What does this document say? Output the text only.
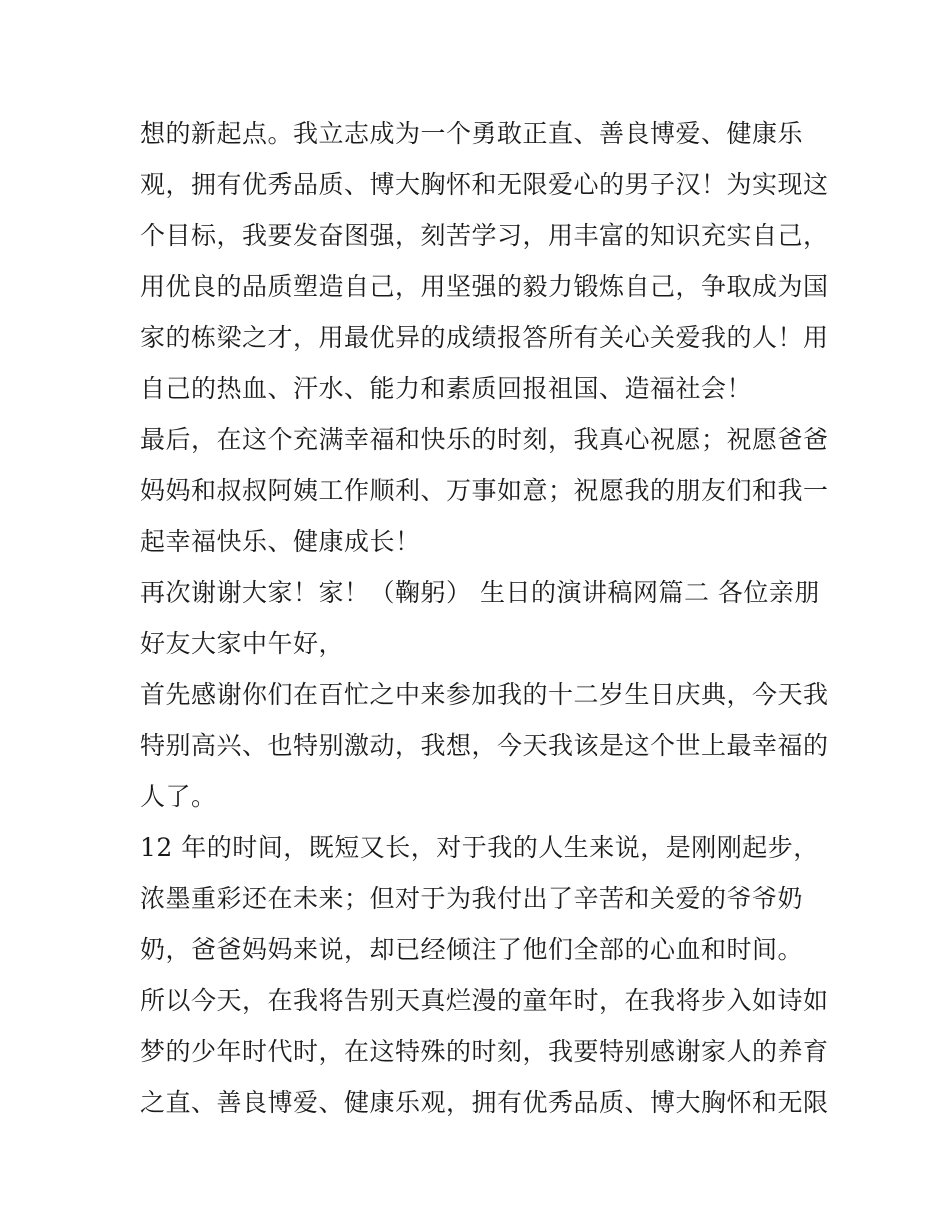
想的新起点。我立志成为一个勇敢正直、善良博爱、健康乐
观，拥有优秀品质、博大胸怀和无限爱心的男子汉！为实现这
个目标，我要发奋图强，刻苦学习，用丰富的知识充实自己，
用优良的品质塑造自己，用坚强的毅力锻炼自己，争取成为国
家的栋梁之才，用最优异的成绩报答所有关心关爱我的人！用
自己的热血、汗水、能力和素质回报祖国、造福社会！
最后，在这个充满幸福和快乐的时刻，我真心祝愿；祝愿爸爸
妈妈和叔叔阿姨工作顺利、万事如意；祝愿我的朋友们和我一
起幸福快乐、健康成长！
再次谢谢大家！家！（鞠躬） 生日的演讲稿网篇二 各位亲朋
好友大家中午好，
首先感谢你们在百忙之中来参加我的十二岁生日庆典，今天我
特别高兴、也特别激动，我想，今天我该是这个世上最幸福的
人了。
12 年的时间，既短又长，对于我的人生来说，是刚刚起步，
浓墨重彩还在未来；但对于为我付出了辛苦和关爱的爷爷奶
奶，爸爸妈妈来说，却已经倾注了他们全部的心血和时间。
所以今天，在我将告别天真烂漫的童年时，在我将步入如诗如
梦的少年时代时，在这特殊的时刻，我要特别感谢家人的养育
之直、善良博爱、健康乐观，拥有优秀品质、博大胸怀和无限
